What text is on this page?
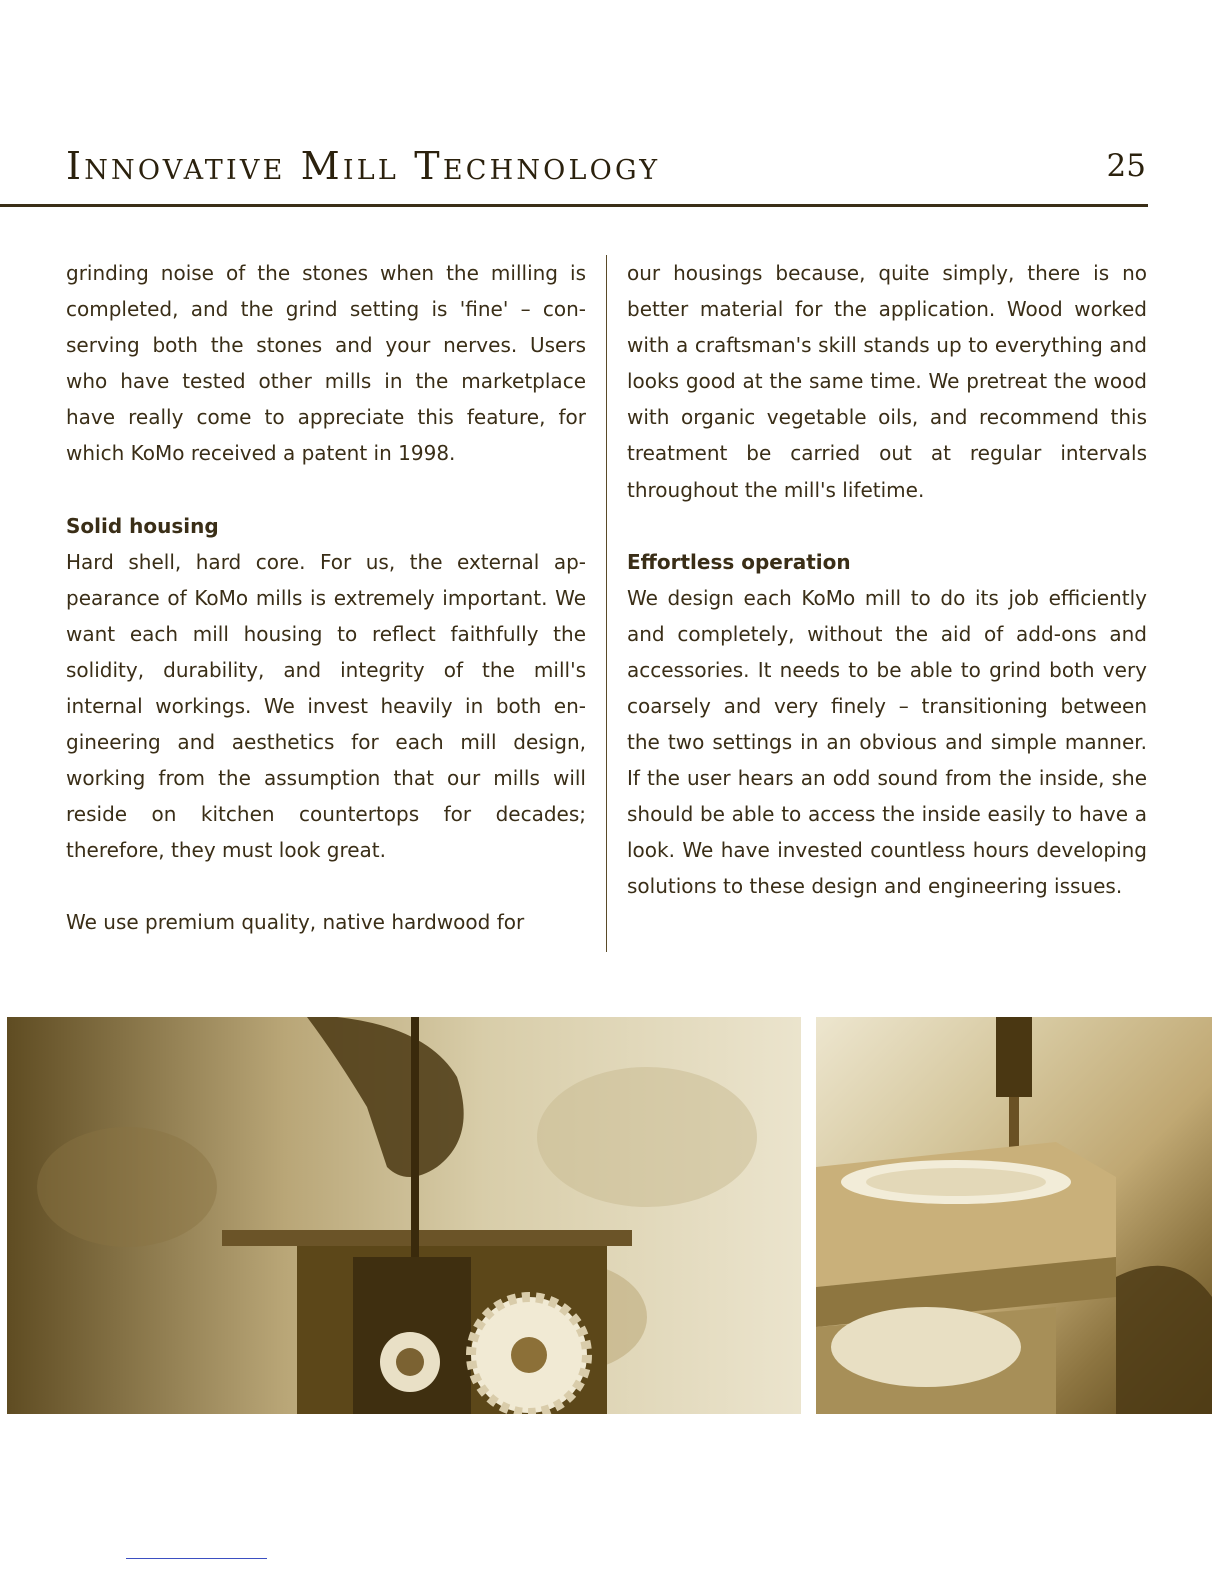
Innovative Mill Technology	25

grinding noise of the stones when the milling is completed, and the grind setting is 'fine' – conserving both the stones and your nerves. Users who have tested other mills in the marketplace have really come to appreciate this feature, for which KoMo received a patent in 1998.

Solid housing

Hard shell, hard core. For us, the external appearance of KoMo mills is extremely important. We want each mill housing to reflect faithfully the solidity, durability, and integrity of the mill's internal workings. We invest heavily in both engineering and aesthetics for each mill design, working from the assumption that our mills will reside on kitchen countertops for decades; therefore, they must look great.

We use premium quality, native hardwood for

our housings because, quite simply, there is no better material for the application. Wood worked with a craftsman's skill stands up to everything and looks good at the same time. We pretreat the wood with organic vegetable oils, and recommend this treatment be carried out at regular intervals throughout the mill's lifetime.

Effortless operation

We design each KoMo mill to do its job efficiently and completely, without the aid of add-ons and accessories. It needs to be able to grind both very coarsely and very finely – transitioning between the two settings in an obvious and simple manner. If the user hears an odd sound from the inside, she should be able to access the inside easily to have a look. We have invested countless hours developing solutions to these design and engineering issues.
